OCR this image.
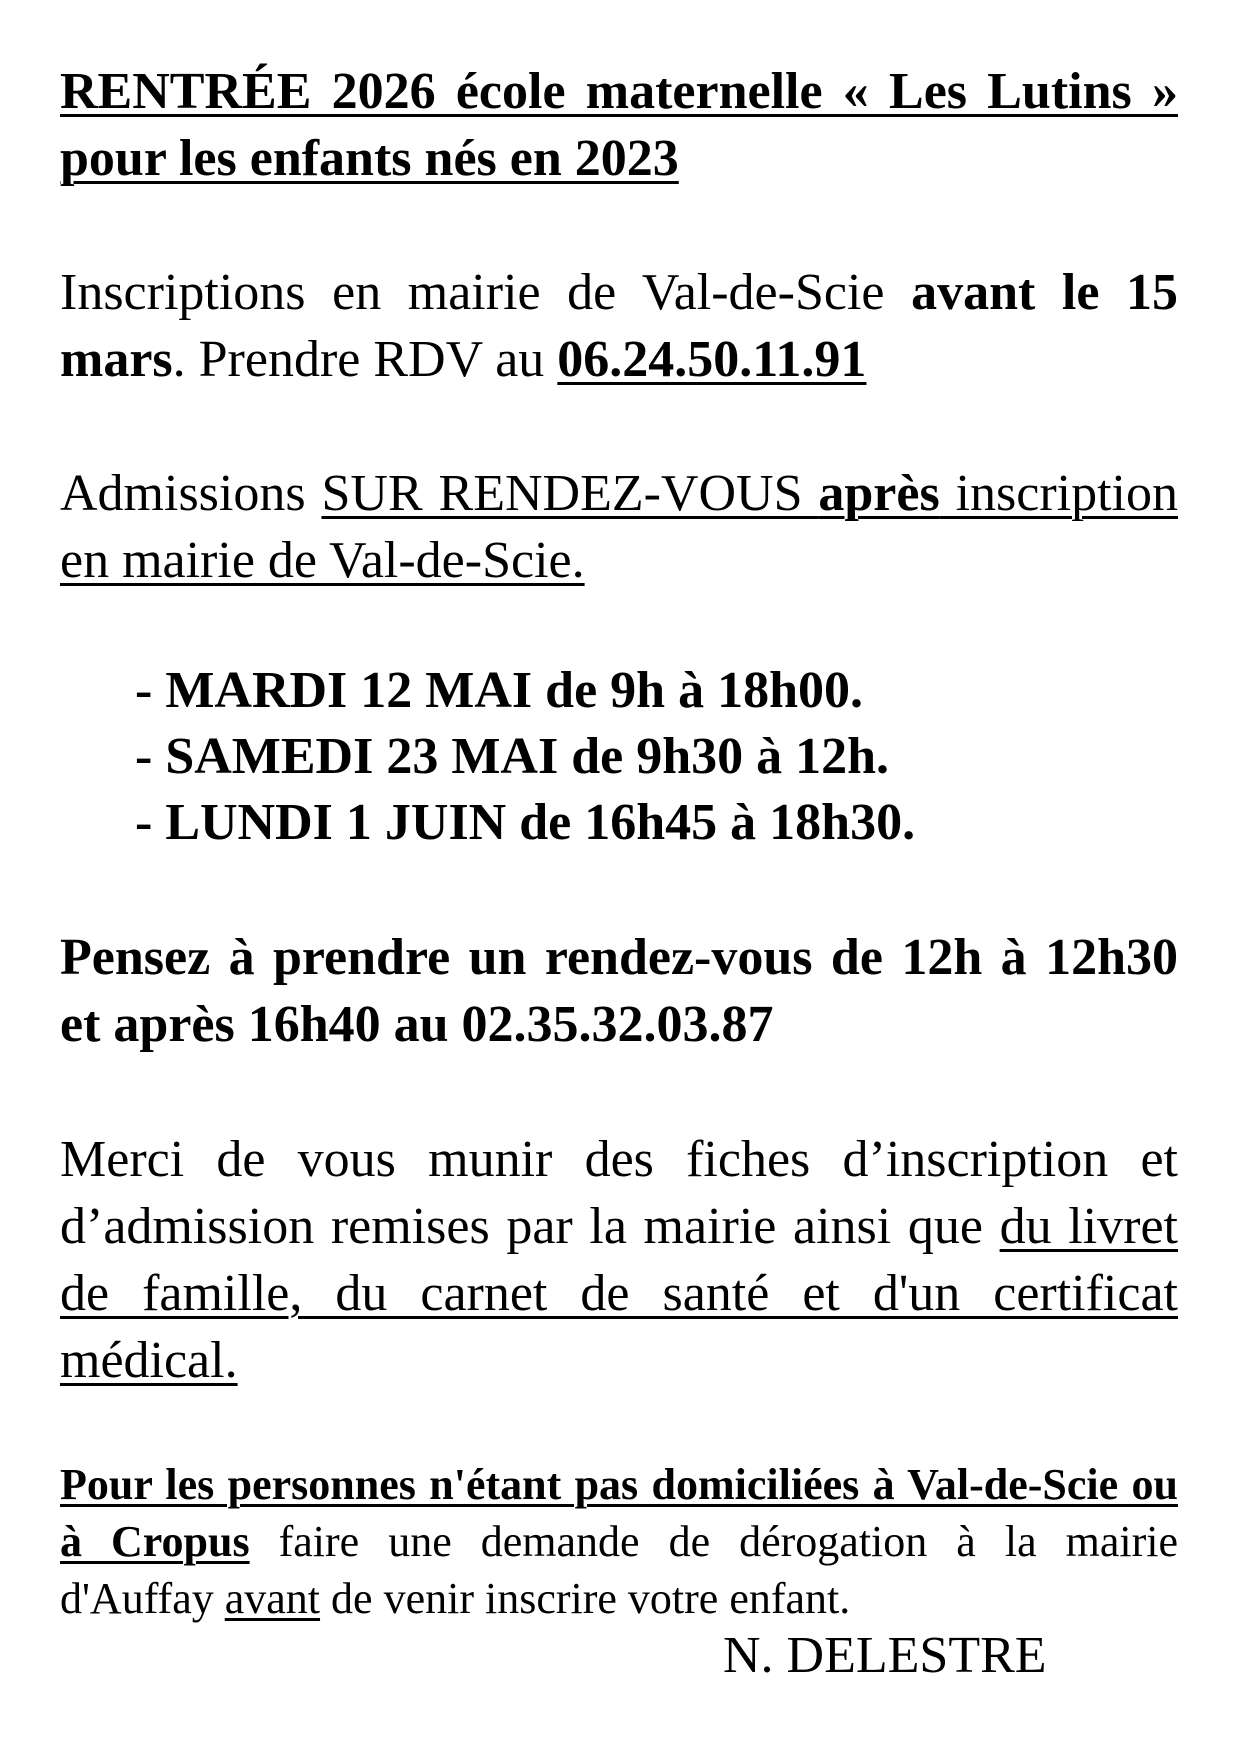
RENTRÉE 2026 école maternelle « Les Lutins » pour les enfants nés en 2023

Inscriptions en mairie de Val-de-Scie avant le 15 mars. Prendre RDV au 06.24.50.11.91

Admissions SUR RENDEZ-VOUS après inscription en mairie de Val-de-Scie.

- MARDI 12 MAI de 9h à 18h00.
- SAMEDI 23 MAI de 9h30 à 12h.
- LUNDI 1 JUIN de 16h45 à 18h30.

Pensez à prendre un rendez-vous de 12h à 12h30 et après 16h40 au 02.35.32.03.87

Merci de vous munir des fiches d’inscription et d’admission remises par la mairie ainsi que du livret de famille, du carnet de santé et d'un certificat médical.

Pour les personnes n'étant pas domiciliées à Val-de-Scie ou à Cropus faire une demande de dérogation à la mairie d'Auffay avant de venir inscrire votre enfant.

N. DELESTRE
